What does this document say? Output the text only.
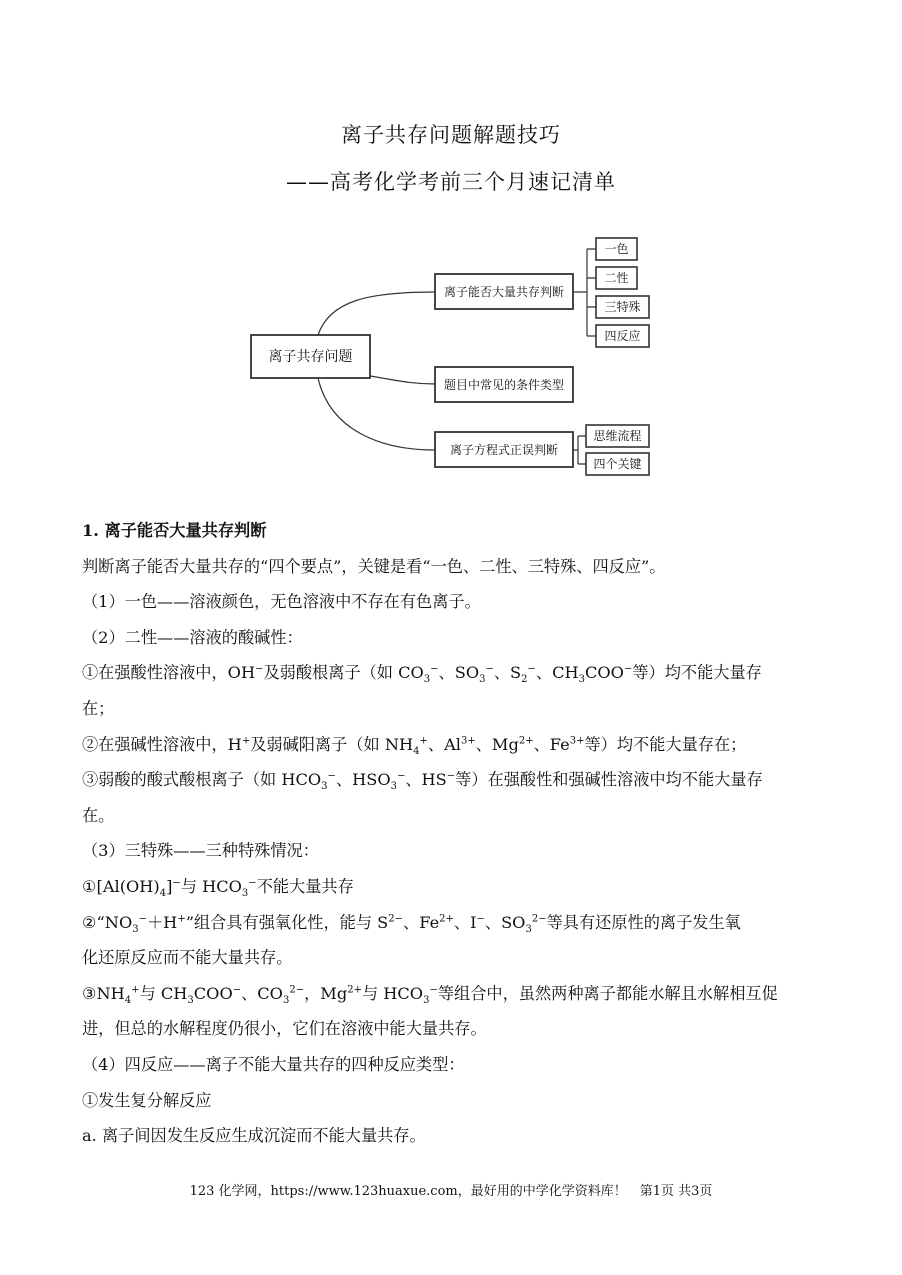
离子共存问题解题技巧
——高考化学考前三个月速记清单
离子共存问题
离子能否大量共存判断
题目中常见的条件类型
离子方程式正误判断
一色
二性
三特殊
四反应
思维流程
四个关键
1. 离子能否大量共存判断
判断离子能否大量共存的“四个要点”，关键是看“一色、二性、三特殊、四反应”。
（1）一色——溶液颜色，无色溶液中不存在有色离子。
（2）二性——溶液的酸碱性：
①在强酸性溶液中，OH−及弱酸根离子（如 $CO_3^-$、$SO_3^-$、$S_2^-$、$CH_3COO^-$等）均不能大量存
在；
②在强碱性溶液中，H+及弱碱阳离子（如 $NH_4^+$、$Al^{3+}$、$Mg^{2+}$、$Fe^{3+}$等）均不能大量存在；
③弱酸的酸式酸根离子（如 $HCO_3^-$、$HSO_3^-$、HS−等）在强酸性和强碱性溶液中均不能大量存
在。
（3）三特殊——三种特殊情况：
$①[Al(OH)_4]^-$与 $HCO_3^-$不能大量共存
$②“NO_3^-+H^+$”组合具有强氧化性，能与 $S^{2-}$、$Fe^{2+}$、I−、$SO_3^{2-}$等具有还原性的离子发生氧
化还原反应而不能大量共存。
$③NH_4^+$与 $CH_3COO^-$、$CO_3^{2-}$，$Mg^{2+}$与 $HCO_3^-$等组合中，虽然两种离子都能水解且水解相互促
进，但总的水解程度仍很小，它们在溶液中能大量共存。
（4）四反应——离子不能大量共存的四种反应类型：
①发生复分解反应
a. 离子间因发生反应生成沉淀而不能大量共存。
123 化学网，https://www.123huaxue.com，最好用的中学化学资料库！　第1页 共3页
